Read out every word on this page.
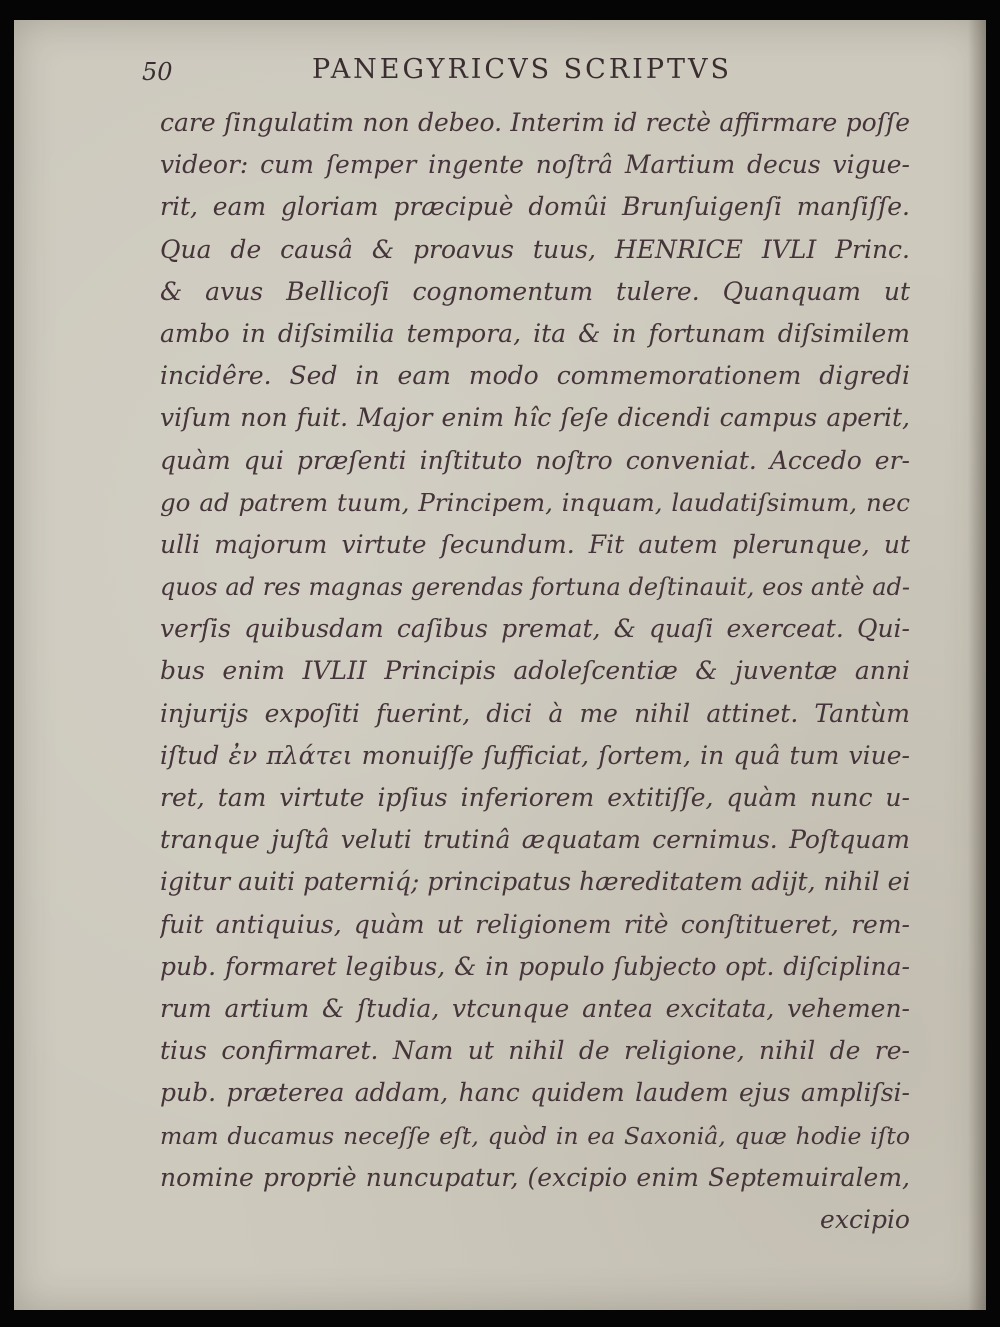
50	PANEGYRICVS SCRIPTVS
care ſingulatim non debeo. Interim id rectè affirmare poſſe
videor: cum ſemper ingente noſtrâ Martium decus vigue-
rit, eam gloriam præcipuè domûi Brunſuigenſi manſiſſe.
Qua de causâ & proavus tuus, HENRICE IVLI Princ.
& avus Bellicoſi cognomentum tulere. Quanquam ut
ambo in diſsimilia tempora, ita & in fortunam diſsimilem
incidêre. Sed in eam modo commemorationem digredi
viſum non fuit. Major enim hîc ſeſe dicendi campus aperit,
quàm qui præſenti inſtituto noſtro conveniat. Accedo er-
go ad patrem tuum, Principem, inquam, laudatiſsimum, nec
ulli majorum virtute ſecundum. Fit autem plerunque, ut
quos ad res magnas gerendas fortuna deſtinauit, eos antè ad-
verſis quibusdam caſibus premat, & quaſi exerceat. Qui-
bus enim IVLII Principis adoleſcentiæ & juventæ anni
injurijs expoſiti fuerint, dici à me nihil attinet. Tantùm
iſtud ἐν πλάτει monuiſſe ſufficiat, ſortem, in quâ tum viue-
ret, tam virtute ipſius inferiorem extitiſſe, quàm nunc u-
tranque juſtâ veluti trutinâ æquatam cernimus. Poſtquam
igitur auiti paterniq́; principatus hæreditatem adijt, nihil ei
fuit antiquius, quàm ut religionem ritè conſtitueret, rem-
pub. formaret legibus, & in populo ſubjecto opt. diſciplina-
rum artium & ſtudia, vtcunque antea excitata, vehemen-
tius confirmaret. Nam ut nihil de religione, nihil de re-
pub. præterea addam, hanc quidem laudem ejus ampliſsi-
mam ducamus neceſſe eſt, quòd in ea Saxoniâ, quæ hodie iſto
nomine propriè nuncupatur, (excipio enim Septemuiralem,
excipio
